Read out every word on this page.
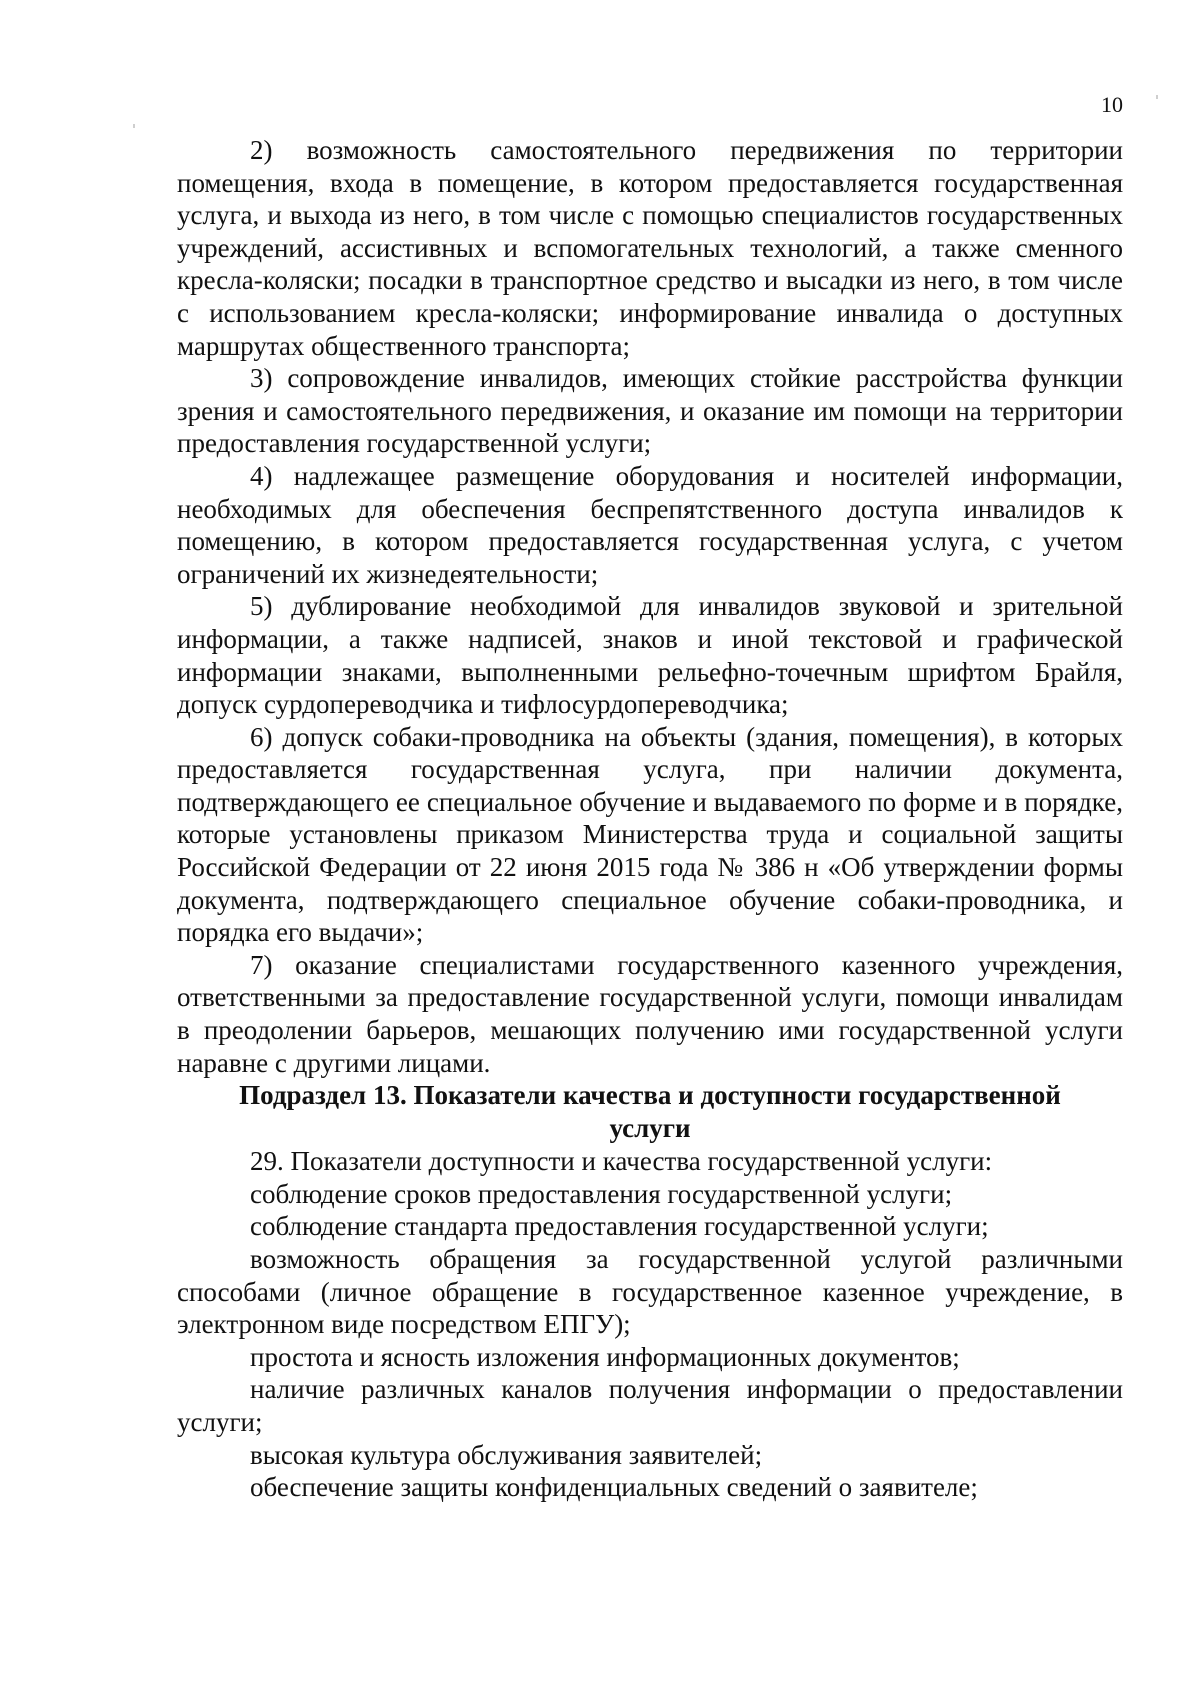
10

2) возможность самостоятельного передвижения по территории помещения, входа в помещение, в котором предоставляется государственная услуга, и выхода из него, в том числе с помощью специалистов государственных учреждений, ассистивных и вспомогательных технологий, а также сменного кресла-коляски; посадки в транспортное средство и высадки из него, в том числе с использованием кресла-коляски; информирование инвалида о доступных маршрутах общественного транспорта;

3) сопровождение инвалидов, имеющих стойкие расстройства функции зрения и самостоятельного передвижения, и оказание им помощи на территории предоставления государственной услуги;

4) надлежащее размещение оборудования и носителей информации, необходимых для обеспечения беспрепятственного доступа инвалидов к помещению, в котором предоставляется государственная услуга, с учетом ограничений их жизнедеятельности;

5) дублирование необходимой для инвалидов звуковой и зрительной информации, а также надписей, знаков и иной текстовой и графической информации знаками, выполненными рельефно-точечным шрифтом Брайля, допуск сурдопереводчика и тифлосурдопереводчика;

6) допуск собаки-проводника на объекты (здания, помещения), в которых предоставляется государственная услуга, при наличии документа, подтверждающего ее специальное обучение и выдаваемого по форме и в порядке, которые установлены приказом Министерства труда и социальной защиты Российской Федерации от 22 июня 2015 года № 386 н «Об утверждении формы документа, подтверждающего специальное обучение собаки-проводника, и порядка его выдачи»;

7) оказание специалистами государственного казенного учреждения, ответственными за предоставление государственной услуги, помощи инвалидам в преодолении барьеров, мешающих получению ими государственной услуги наравне с другими лицами.

Подраздел 13. Показатели качества и доступности государственной услуги

29. Показатели доступности и качества государственной услуги:

соблюдение сроков предоставления государственной услуги;

соблюдение стандарта предоставления государственной услуги;

возможность обращения за государственной услугой различными способами (личное обращение в государственное казенное учреждение, в электронном виде посредством ЕПГУ);

простота и ясность изложения информационных документов;

наличие различных каналов получения информации о предоставлении услуги;

высокая культура обслуживания заявителей;

обеспечение защиты конфиденциальных сведений о заявителе;
